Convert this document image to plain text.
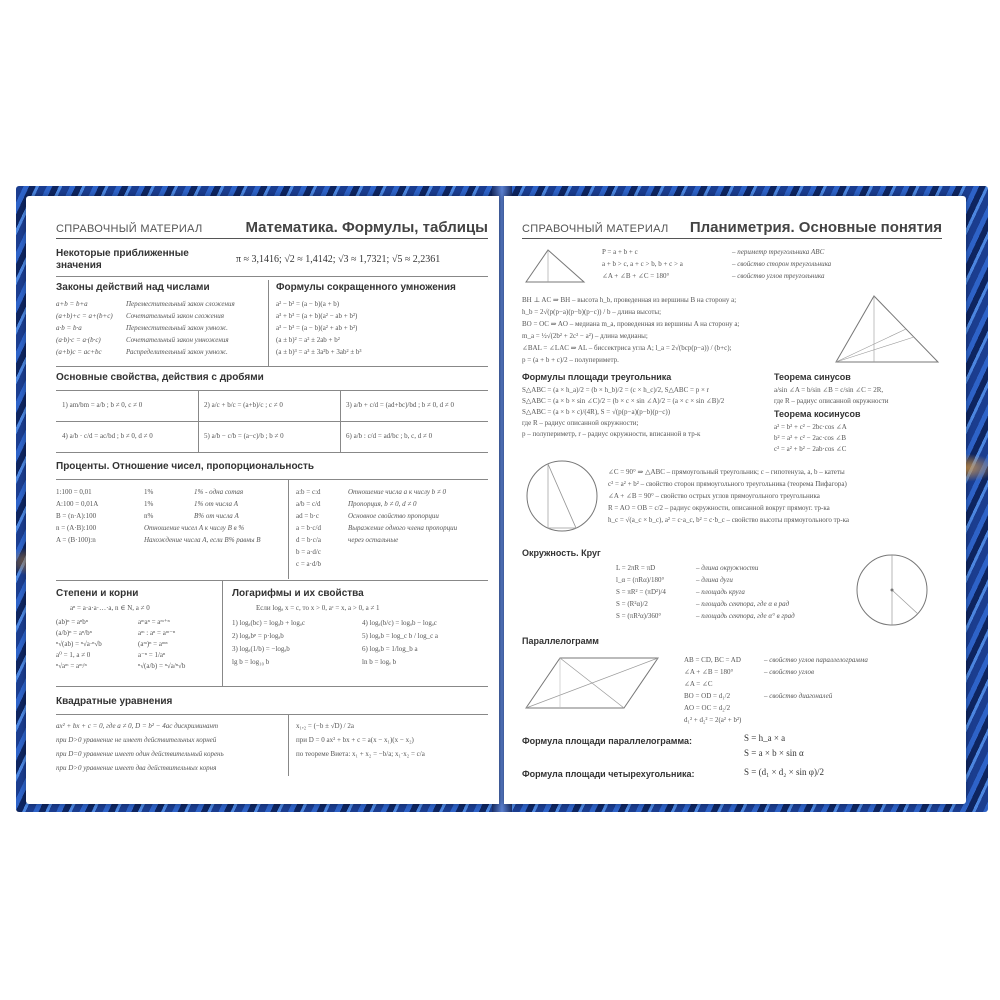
СПРАВОЧНЫЙ МАТЕРИАЛ	Математика. Формулы, таблицы
Некоторые приближенные значения
π ≈ 3,1416; √2 ≈ 1,4142; √3 ≈ 1,7321; √5 ≈ 2,2361
Законы действий над числами
a+b = b+a	Переместительный закон сложения
(a+b)+c = a+(b+c) Сочетательный закон сложения
a·b = b·a	Переместительный закон умнож.
(a·b)·c = a·(b·c)	Сочетательный закон умножения
(a+b)c = ac+bc	Распределительный закон умнож.
Формулы сокращенного умножения
a² − b² = (a − b)(a + b)
a³ + b³ = (a + b)(a² − ab + b²)
a³ − b³ = (a − b)(a² + ab + b²)
(a ± b)² = a² ± 2ab + b²
(a ± b)³ = a³ ± 3a²b + 3ab² ± b³
Основные свойства, действия с дробями
1) am/bm = a/b ; b ≠ 0, c ≠ 0	2) a/c + b/c = (a+b)/c ; c ≠ 0	3) a/b + c/d = (ad+bc)/bd ; b ≠ 0, d ≠ 0
4) a/b · c/d = ac/bd ; b ≠ 0, d ≠ 0	5) a/b − c/b = (a−c)/b ; b ≠ 0	6) a/b : c/d = ad/bc ; b, c, d ≠ 0
Проценты. Отношение чисел, пропорциональность
1:100 = 0,01	1%	1% - одна сотая
A:100 = 0,01A	1%	1% от числа A
B = (n·A):100	n%	B% от числа A
n = (A·B):100	Отношение чисел A к числу B в %
A = (B·100):n	Нахождение числа A, если B% равны B
a:b = c:d	Отношение числа a к числу b ≠ 0
a/b = c/d	Пропорция, b ≠ 0, d ≠ 0
ad = b·c	Основное свойство пропорции
a = b·c/d	Выражение одного члена пропорции
d = b·c/a	через остальные
b = a·d/c
c = a·d/b
Степени и корни
aⁿ = a·a·a·…·a, n ∈ N, a ≠ 0
(ab)ⁿ = aⁿbⁿ	aᵐaⁿ = aᵐ⁺ⁿ
(a/b)ⁿ = aⁿ/bⁿ	aᵐ : aⁿ = aᵐ⁻ⁿ
ⁿ√(ab) = ⁿ√a·ⁿ√b	(aᵐ)ⁿ = aᵐⁿ
a⁰ = 1, a ≠ 0	a⁻ⁿ = 1/aⁿ
ⁿ√aᵐ = aᵐ/ⁿ	ⁿ√(a/b) = ⁿ√a/ⁿ√b
Логарифмы и их свойства
Если logₐ x = c, то x > 0, aᶜ = x, a > 0, a ≠ 1
1) logₐ(bc) = logₐb + logₐc	4) logₐ(b/c) = logₐb − logₐc
2) logₐbᵖ = p·logₐb	5) logₐb = log_c b / log_c a
3) logₐ(1/b) = −logₐb	6) logₐb = 1/log_b a
lg b = log₁₀ b	ln b = logₑ b
Квадратные уравнения
ax² + bx + c = 0, где a ≠ 0, D = b² − 4ac дискриминант
при D>0 уравнение не имеет действительных корней
при D=0 уравнение имеет один действительный корень
при D>0 уравнение имеет два действительных корня
x₁,₂ = (−b ± √D) / 2a
при D = 0 ax² + bx + c = a(x − x₁)(x − x₂)
по теореме Виета: x₁ + x₂ = −b/a; x₁·x₂ = c/a
СПРАВОЧНЫЙ МАТЕРИАЛ Планиметрия. Основные понятия
P = a + b + c
a + b > c, a + c > b, b + c > a
∠A + ∠B + ∠C = 180°
– периметр треугольника ABC
– свойство сторон треугольника
– свойство углов треугольника
BH ⊥ AC ⇒ BH – высота h_b, проведенная из вершины B на сторону a;
h_b = 2√(p(p−a)(p−b)(p−c)) / b – длина высоты;
BO = OC ⇒ AO – медиана m_a, проведенная из вершины A на сторону a;
m_a = ½√(2b² + 2c² − a²) – длина медианы;
∠BAL = ∠LAC ⇒ AL – биссектриса угла A; l_a = 2√(bcp(p−a)) / (b+c);
p = (a + b + c)/2 – полупериметр.
Формулы площади треугольника
S△ABC = (a × h_a)/2 = (b × h_b)/2 = (c × h_c)/2, S△ABC = p × r
S△ABC = (a × b × sin ∠C)/2 = (b × c × sin ∠A)/2 = (a × c × sin ∠B)/2
S△ABC = (a × b × c)/(4R), S = √(p(p−a)(p−b)(p−c))
где R – радиус описанной окружности;
p – полупериметр, r – радиус окружности, вписанной в тр-к
Теорема синусов
a/sin ∠A = b/sin ∠B = c/sin ∠C = 2R,
где R – радиус описанной окружности
Теорема косинусов
a² = b² + c² − 2bc·cos ∠A
b² = a² + c² − 2ac·cos ∠B
c² = a² + b² − 2ab·cos ∠C
∠C = 90° ⇒ △ABC – прямоугольный треугольник; c – гипотенуза, a, b – катеты
c² = a² + b² – свойство сторон прямоугольного треугольника (теорема Пифагора)
∠A + ∠B = 90° – свойство острых углов прямоугольного треугольника
R = AO = OB = c/2 – радиус окружности, описанной вокруг прямоуг. тр-ка
h_c = √(a_c × b_c), a² = c·a_c, b² = c·b_c – свойство высоты прямоугольного тр-ка
Окружность. Круг
L = 2πR = πD	– длина окружности
l_α = (πRα)/180°	– длина дуги
S = πR² = (πD²)/4	– площадь круга
S = (R²α)/2	– площадь сектора, где α в рад
S = (πR²α)/360°	– площадь сектора, где α° в град
Параллелограмм
AB = CD, BC = AD	– свойство углов параллелограмма
∠A + ∠B = 180°	– свойство углов
∠A = ∠C
BO = OD = d₁/2	– свойство диагоналей
AO = OC = d₂/2
d₁² + d₂² = 2(a² + b²)
Формула площади параллелограмма:	S = h_a × a
S = a × b × sin α
Формула площади четырехугольника:	S = (d₁ × d₂ × sin φ)/2
